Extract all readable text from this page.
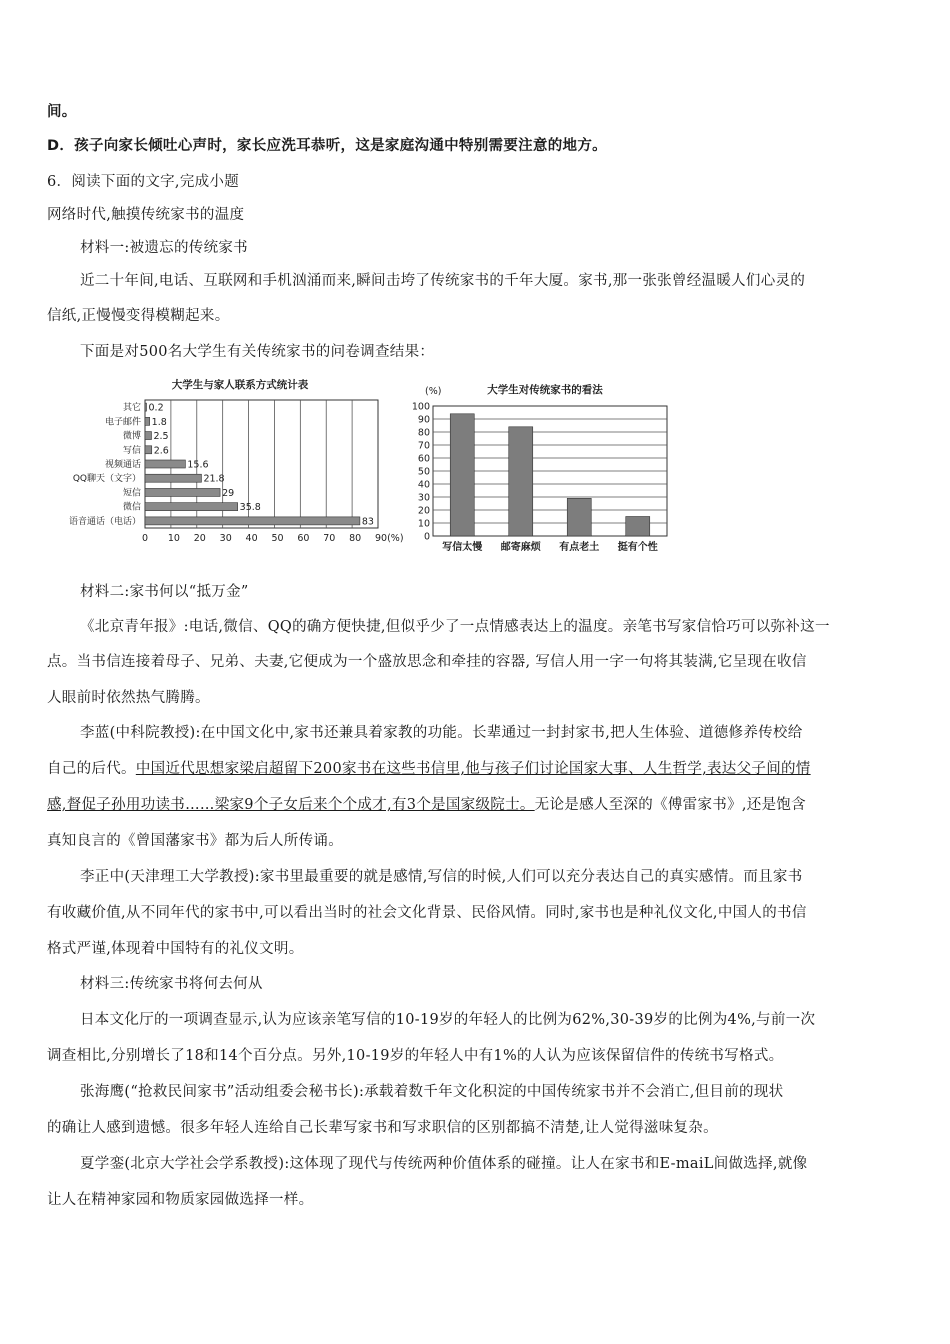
间。
D．孩子向家长倾吐心声时，家长应洗耳恭听，这是家庭沟通中特别需要注意的地方。
6．阅读下面的文字,完成小题
网络时代,触摸传统家书的温度
材料一:被遗忘的传统家书
近二十年间,电话、互联网和手机汹涌而来,瞬间击垮了传统家书的千年大厦。家书,那一张张曾经温暖人们心灵的
信纸,正慢慢变得模糊起来。
下面是对500名大学生有关传统家书的问卷调查结果：
大学生与家人联系方式统计表
0 10 20 30 40 50 60 70 80 90(%)
其它 0.2
电子邮件 1.8
微博 2.5
写信 2.6
视频通话	15.6
QQ聊天（文字）	21.8
短信	29
微信	35.8
语音通话（电话）	83
大学生对传统家书的看法
(%)
0
10
20
30
40
50
60
70
80
90
100
写信太慢 邮寄麻烦 有点老土 挺有个性
材料二:家书何以“抵万金”
《北京青年报》:电话,微信、QQ的确方便快捷,但似乎少了一点情感表达上的温度。亲笔书写家信恰巧可以弥补这一
点。当书信连接着母子、兄弟、夫妻,它便成为一个盛放思念和牵挂的容器, 写信人用一字一句将其装满,它呈现在收信
人眼前时依然热气腾腾。
李蓝(中科院教授):在中国文化中,家书还兼具着家教的功能。长辈通过一封封家书,把人生体验、道德修养传校给
自己的后代。中国近代思想家梁启超留下200家书在这些书信里,他与孩子们讨论国家大事、人生哲学,表达父子间的情
感,督促子孙用功读书……梁家9个子女后来个个成才,有3个是国家级院士。无论是感人至深的《傅雷家书》,还是饱含
真知良言的《曾国藩家书》都为后人所传诵。
李正中(天津理工大学教授):家书里最重要的就是感情,写信的时候,人们可以充分表达自己的真实感情。而且家书
有收藏价值,从不同年代的家书中,可以看出当时的社会文化背景、民俗风情。同时,家书也是种礼仪文化,中国人的书信
格式严谨,体现着中国特有的礼仪文明。
材料三:传统家书将何去何从
日本文化厅的一项调查显示,认为应该亲笔写信的10-19岁的年轻人的比例为62%,30-39岁的比例为4%,与前一次
调查相比,分别增长了18和14个百分点。另外,10-19岁的年轻人中有1%的人认为应该保留信件的传统书写格式。
张海鹰(“抢救民间家书”活动组委会秘书长):承载着数千年文化积淀的中国传统家书并不会消亡,但目前的现状
的确让人感到遗憾。很多年轻人连给自己长辈写家书和写求职信的区别都搞不清楚,让人觉得滋味复杂。
夏学銮(北京大学社会学系教授):这体现了现代与传统两种价值体系的碰撞。让人在家书和E-maiL间做选择,就像
让人在精神家园和物质家园做选择一样。
